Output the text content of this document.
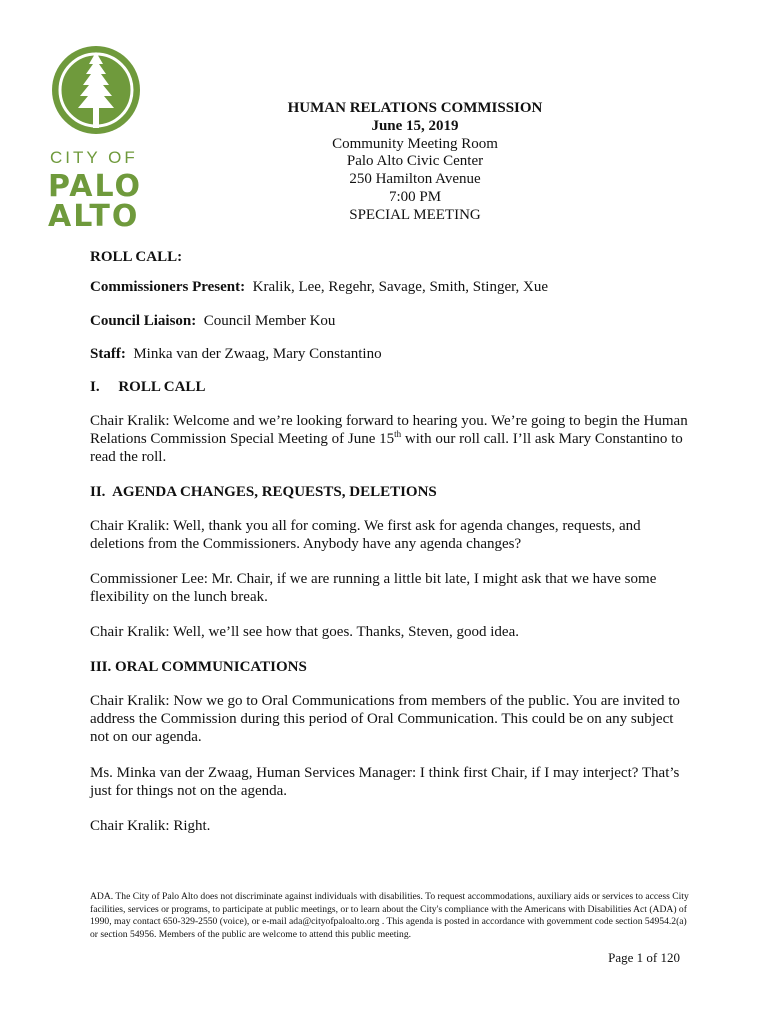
CITY OF
PALO
ALTO
HUMAN RELATIONS COMMISSION
June 15, 2019
Community Meeting Room
Palo Alto Civic Center
250 Hamilton Avenue
7:00 PM
SPECIAL MEETING
ROLL CALL:
Commissioners Present: Kralik, Lee, Regehr, Savage, Smith, Stinger, Xue
Council Liaison: Council Member Kou
Staff: Minka van der Zwaag, Mary Constantino
I.     ROLL CALL
Chair Kralik: Welcome and we’re looking forward to hearing you. We’re going to begin the Human Relations Commission Special Meeting of June 15th with our roll call. I’ll ask Mary Constantino to read the roll.
II.  AGENDA CHANGES, REQUESTS, DELETIONS
Chair Kralik: Well, thank you all for coming. We first ask for agenda changes, requests, and deletions from the Commissioners. Anybody have any agenda changes?
Commissioner Lee: Mr. Chair, if we are running a little bit late, I might ask that we have some flexibility on the lunch break.
Chair Kralik: Well, we’ll see how that goes. Thanks, Steven, good idea.
III. ORAL COMMUNICATIONS
Chair Kralik: Now we go to Oral Communications from members of the public. You are invited to address the Commission during this period of Oral Communication. This could be on any subject not on our agenda.
Ms. Minka van der Zwaag, Human Services Manager: I think first Chair, if I may interject? That’s just for things not on the agenda.
Chair Kralik: Right.
ADA. The City of Palo Alto does not discriminate against individuals with disabilities. To request accommodations, auxiliary aids or services to access City facilities, services or programs, to participate at public meetings, or to learn about the City's compliance with the Americans with Disabilities Act (ADA) of 1990, may contact 650-329-2550 (voice), or e-mail ada@cityofpaloalto.org . This agenda is posted in accordance with government code section 54954.2(a) or section 54956. Members of the public are welcome to attend this public meeting.
Page 1 of 120
